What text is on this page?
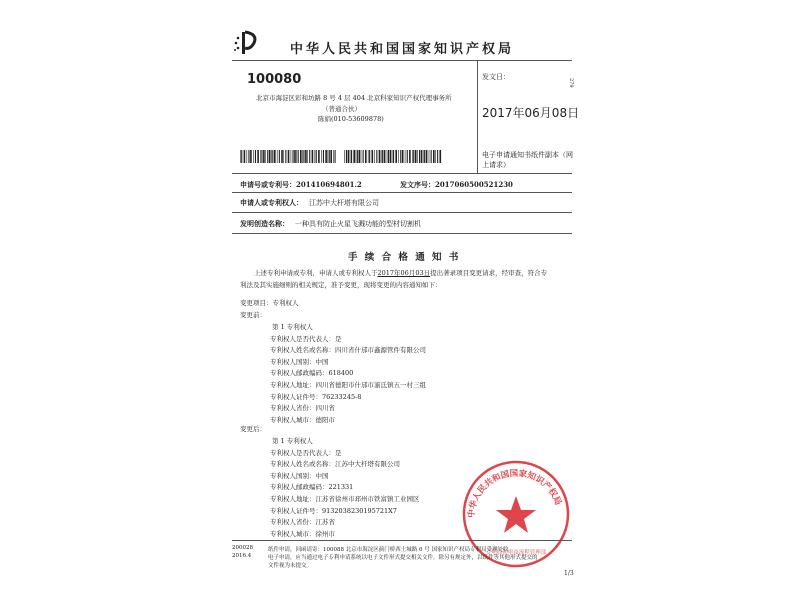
中华人民共和国国家知识产权局
100080
北京市海淀区彩和坊路 8 号 4 层 404 北京科家知识产权代理事务所
（普通合伙）
陈娟(010-53609878)
发文日：
2017年06月08日
电子申请通知书纸件副本（网上请求）
279
申请号或专利号：201410694801.2	发文序号：2017060500521230
申请人或专利权人： 江苏中大杆塔有限公司
发明创造名称： 一种具有防止火星飞溅功能的型材切割机
手 续 合 格 通 知 书
上述专利申请或专利，申请人或专利权人于2017年06月03日提出著录项目变更请求，经审查，符合专
利法及其实施细则的相关规定，准予变更，现将变更的内容通知如下：
变更项目：专利权人
变更前：
第 1 专利权人
专利权人是否代表人：是
专利权人姓名或名称：四川省什邡市鑫源管件有限公司
专利权人国别：中国
专利权人邮政编码：618400
专利权人地址：四川省德阳市什邡市湔氐镇五一村三组
专利权人证件号：76233245-8
专利权人省份：四川省
专利权人城市：德阳市
变更后：
第 1 专利权人
专利权人是否代表人：是
专利权人姓名或名称：江苏中大杆塔有限公司
专利权人国别：中国
专利权人邮政编码：221331
专利权人地址：江苏省徐州市邳州市铁富镇工业园区
专利权人证件号：91320382301957​21X7
专利权人省份：江苏省
专利权人城市：徐州市
中华人民共和国国家知识产权局
专利局初审及流程管理部
200028
2016.4
纸件申请，回函请寄：100088 北京市海淀区蓟门桥西土城路 6 号 国家知识产权局专利局受理处收
电子申请，应当通过电子专利申请系统以电子文件形式提交相关文件。除另有规定外，以纸件等其他形式提交的
文件视为未提交。
1/3
